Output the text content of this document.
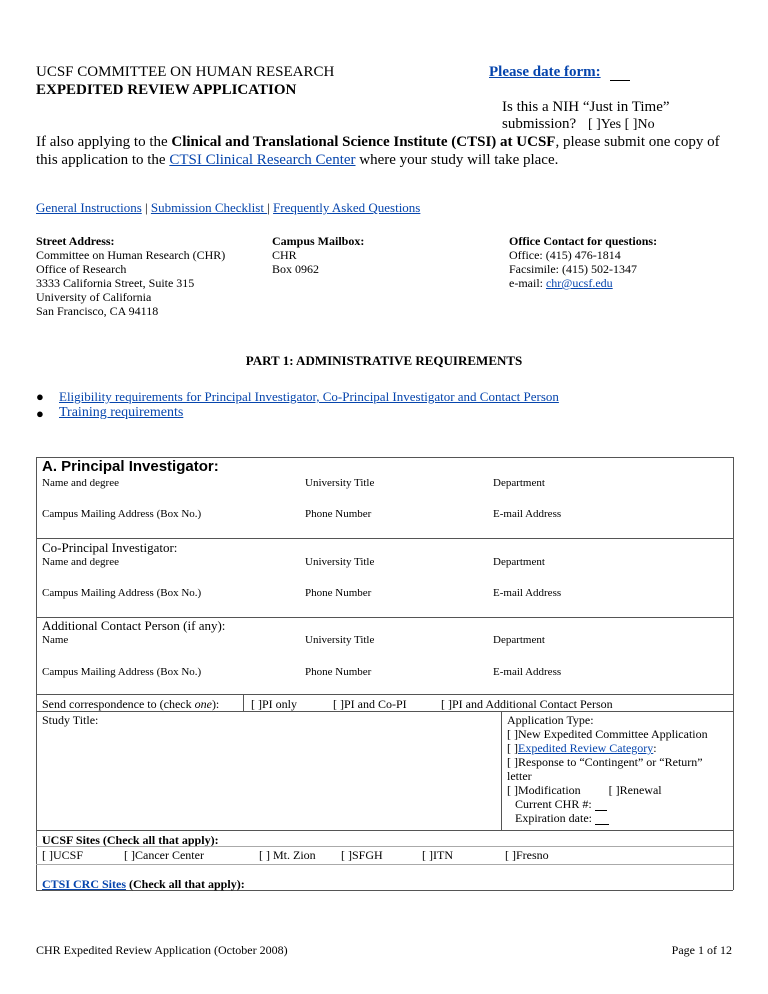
UCSF COMMITTEE ON HUMAN RESEARCH
EXPEDITED REVIEW APPLICATION
Please date form:
Is this a NIH “Just in Time”
submission? [ ]Yes [ ]No
If also applying to the Clinical and Translational Science Institute (CTSI) at UCSF, please submit one copy of this application to the CTSI Clinical Research Center where your study will take place.
General Instructions | Submission Checklist | Frequently Asked Questions
Street Address:
Committee on Human Research (CHR)
Office of Research
3333 California Street, Suite 315
University of California
San Francisco, CA 94118
Campus Mailbox:
CHR
Box 0962
Office Contact for questions:
Office: (415) 476-1814
Facsimile: (415) 502-1347
e-mail: chr@ucsf.edu
PART 1: ADMINISTRATIVE REQUIREMENTS
● Eligibility requirements for Principal Investigator, Co-Principal Investigator and Contact Person
● Training requirements
A. Principal Investigator:
Name and degree	University Title	Department
Campus Mailing Address (Box No.)	Phone Number	E-mail Address
Co-Principal Investigator:
Name and degree	University Title	Department
Campus Mailing Address (Box No.)	Phone Number	E-mail Address
Additional Contact Person (if any):
Name	University Title	Department
Campus Mailing Address (Box No.)	Phone Number	E-mail Address
Send correspondence to (check one):	[ ]PI only	[ ]PI and Co-PI	[ ]PI and Additional Contact Person
Study Title:	Application Type:
[ ]New Expedited Committee Application
[ ]Expedited Review Category:
[ ]Response to “Contingent” or “Return”
letter
[ ]Modification [ ]Renewal
Current CHR #:
Expiration date:
UCSF Sites (Check all that apply):
[ ]UCSF	[ ]Cancer Center	[ ] Mt. Zion [ ]SFGH	[ ]ITN	[ ]Fresno
CTSI CRC Sites (Check all that apply):
CHR Expedited Review Application (October 2008)	Page 1 of 12
